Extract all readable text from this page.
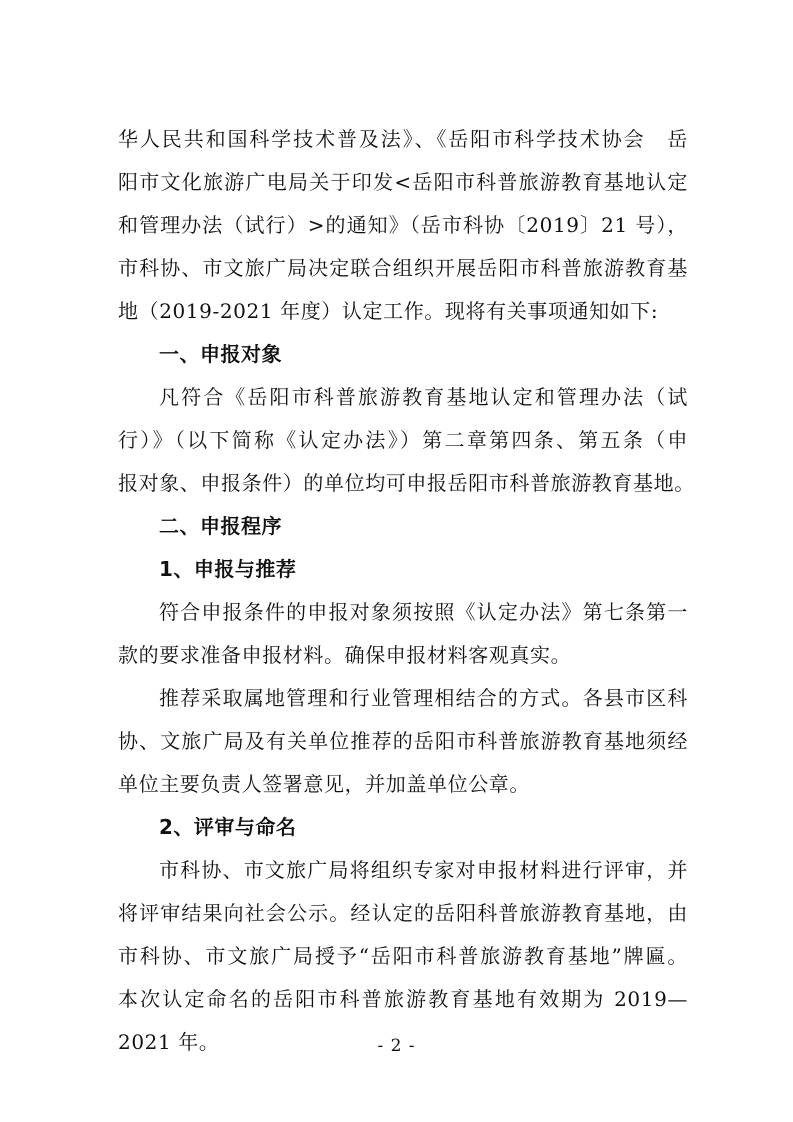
华人民共和国科学技术普及法》、《岳阳市科学技术协会　岳
阳市文化旅游广电局关于印发<岳阳市科普旅游教育基地认定
和管理办法（试行）>的通知》（岳市科协〔2019〕21 号），
市科协、市文旅广局决定联合组织开展岳阳市科普旅游教育基
地（2019-2021 年度）认定工作。现将有关事项通知如下:
一、申报对象
凡符合《岳阳市科普旅游教育基地认定和管理办法（试
行）》（以下简称《认定办法》）第二章第四条、第五条（申
报对象、申报条件）的单位均可申报岳阳市科普旅游教育基地。
二、申报程序
1、申报与推荐
符合申报条件的申报对象须按照《认定办法》第七条第一
款的要求准备申报材料。确保申报材料客观真实。
推荐采取属地管理和行业管理相结合的方式。各县市区科
协、文旅广局及有关单位推荐的岳阳市科普旅游教育基地须经
单位主要负责人签署意见，并加盖单位公章。
2、评审与命名
市科协、市文旅广局将组织专家对申报材料进行评审，并
将评审结果向社会公示。经认定的岳阳科普旅游教育基地，由
市科协、市文旅广局授予“岳阳市科普旅游教育基地”牌匾。
本次认定命名的岳阳市科普旅游教育基地有效期为 2019—
2021 年。	- 2 -
